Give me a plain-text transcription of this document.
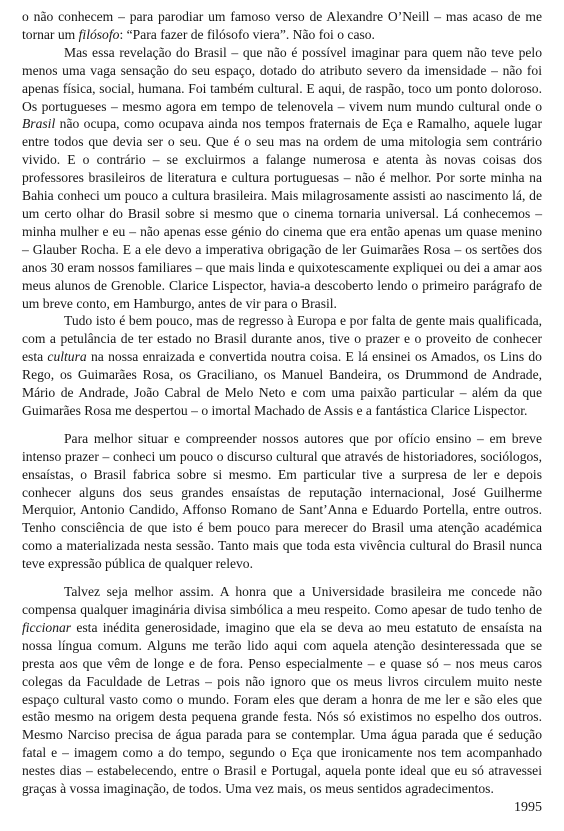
o não conhecem – para parodiar um famoso verso de Alexandre O’Neill – mas acaso de me tornar um filósofo: “Para fazer de filósofo viera”. Não foi o caso.

Mas essa revelação do Brasil – que não é possível imaginar para quem não teve pelo menos uma vaga sensação do seu espaço, dotado do atributo severo da imensidade – não foi apenas física, social, humana. Foi também cultural. E aqui, de raspão, toco um ponto doloroso. Os portugueses – mesmo agora em tempo de telenovela – vivem num mundo cultural onde o Brasil não ocupa, como ocupava ainda nos tempos fraternais de Eça e Ramalho, aquele lugar entre todos que devia ser o seu. Que é o seu mas na ordem de uma mitologia sem contrário vivido. E o contrário – se excluirmos a falange numerosa e atenta às novas coisas dos professores brasileiros de literatura e cultura portuguesas – não é melhor. Por sorte minha na Bahia conheci um pouco a cultura brasileira. Mais milagrosamente assisti ao nascimento lá, de um certo olhar do Brasil sobre si mesmo que o cinema tornaria universal. Lá conhecemos – minha mulher e eu – não apenas esse génio do cinema que era então apenas um quase menino – Glauber Rocha. E a ele devo a imperativa obrigação de ler Guimarães Rosa – os sertões dos anos 30 eram nossos familiares – que mais linda e quixotescamente expliquei ou dei a amar aos meus alunos de Grenoble. Clarice Lispector, havia-a descoberto lendo o primeiro parágrafo de um breve conto, em Hamburgo, antes de vir para o Brasil.

Tudo isto é bem pouco, mas de regresso à Europa e por falta de gente mais qualificada, com a petulância de ter estado no Brasil durante anos, tive o prazer e o proveito de conhecer esta cultura na nossa enraizada e convertida noutra coisa. E lá ensinei os Amados, os Lins do Rego, os Guimarães Rosa, os Graciliano, os Manuel Bandeira, os Drummond de Andrade, Mário de Andrade, João Cabral de Melo Neto e com uma paixão particular – além da que Guimarães Rosa me despertou – o imortal Machado de Assis e a fantástica Clarice Lispector.

Para melhor situar e compreender nossos autores que por ofício ensino – em breve intenso prazer – conheci um pouco o discurso cultural que através de historiadores, sociólogos, ensaístas, o Brasil fabrica sobre si mesmo. Em particular tive a surpresa de ler e depois conhecer alguns dos seus grandes ensaístas de reputação internacional, José Guilherme Merquior, Antonio Candido, Affonso Romano de Sant’Anna e Eduardo Portella, entre outros. Tenho consciência de que isto é bem pouco para merecer do Brasil uma atenção académica como a materializada nesta sessão. Tanto mais que toda esta vivência cultural do Brasil nunca teve expressão pública de qualquer relevo.

Talvez seja melhor assim. A honra que a Universidade brasileira me concede não compensa qualquer imaginária divisa simbólica a meu respeito. Como apesar de tudo tenho de ficcionar esta inédita generosidade, imagino que ela se deva ao meu estatuto de ensaísta na nossa língua comum. Alguns me terão lido aqui com aquela atenção desinteressada que se presta aos que vêm de longe e de fora. Penso especialmente – e quase só – nos meus caros colegas da Faculdade de Letras – pois não ignoro que os meus livros circulem muito neste espaço cultural vasto como o mundo. Foram eles que deram a honra de me ler e são eles que estão mesmo na origem desta pequena grande festa. Nós só existimos no espelho dos outros. Mesmo Narciso precisa de água parada para se contemplar. Uma água parada que é sedução fatal e – imagem como a do tempo, segundo o Eça que ironicamente nos tem acompanhado nestes dias – estabelecendo, entre o Brasil e Portugal, aquela ponte ideal que eu só atravessei graças à vossa imaginação, de todos. Uma vez mais, os meus sentidos agradecimentos.

1995
